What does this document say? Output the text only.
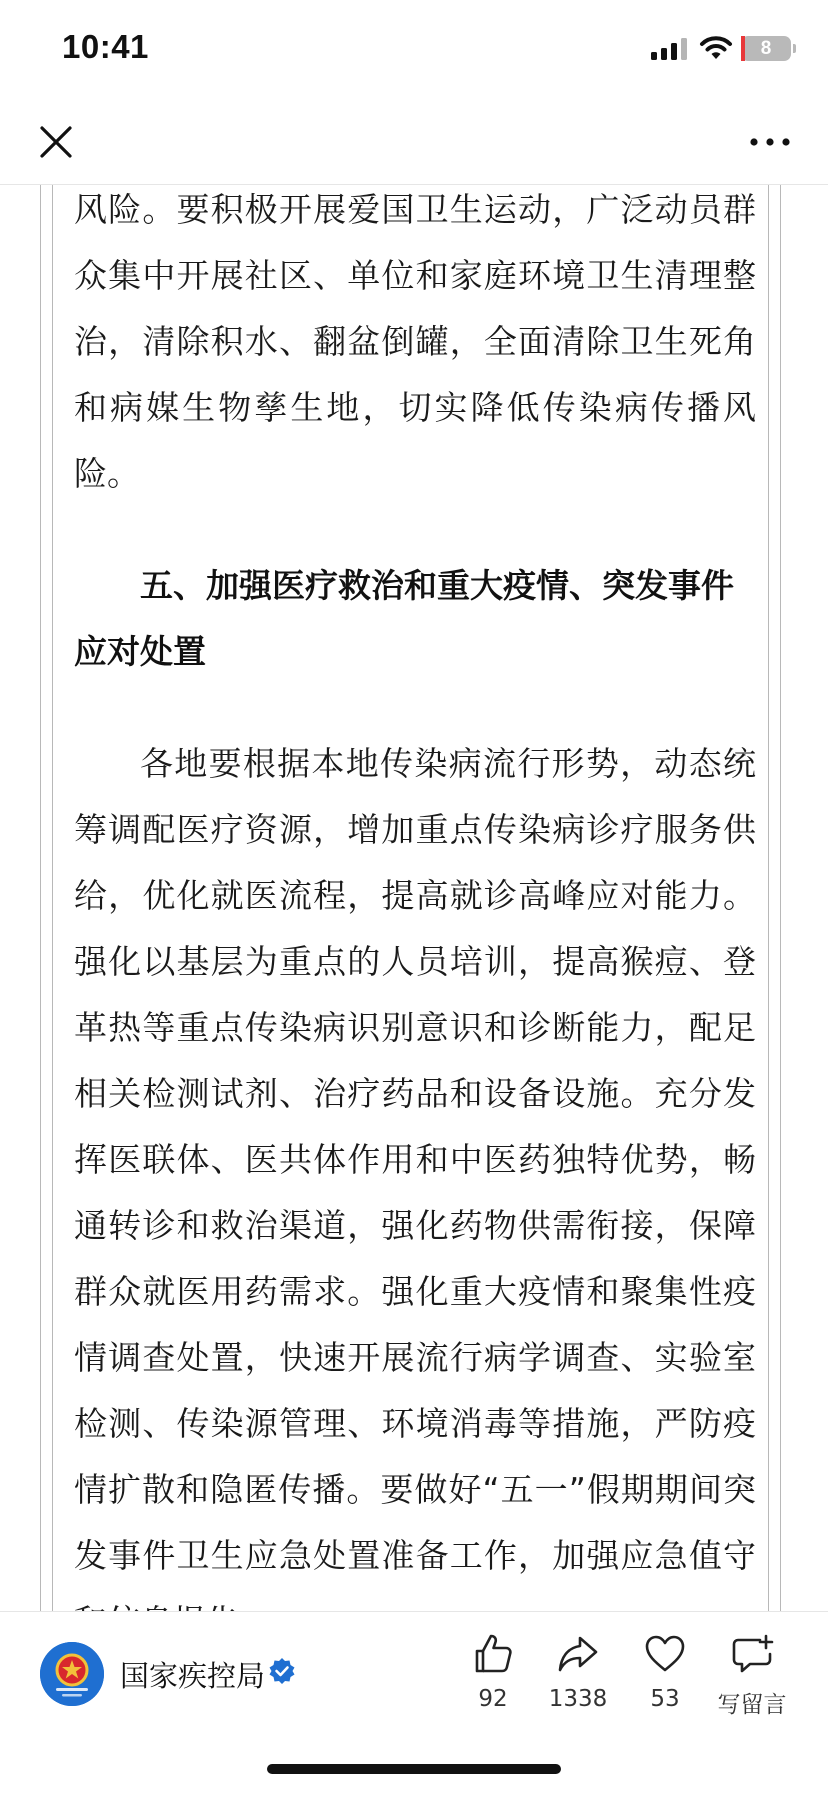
10:41	8

风险。要积极开展爱国卫生运动，广泛动员群众集中开展社区、单位和家庭环境卫生清理整治，清除积水、翻盆倒罐，全面清除卫生死角和病媒生物孳生地，切实降低传染病传播风险。

五、加强医疗救治和重大疫情、突发事件应对处置

各地要根据本地传染病流行形势，动态统筹调配医疗资源，增加重点传染病诊疗服务供给，优化就医流程，提高就诊高峰应对能力。强化以基层为重点的人员培训，提高猴痘、登革热等重点传染病识别意识和诊断能力，配足相关检测试剂、治疗药品和设备设施。充分发挥医联体、医共体作用和中医药独特优势，畅通转诊和救治渠道，强化药物供需衔接，保障群众就医用药需求。强化重大疫情和聚集性疫情调查处置，快速开展流行病学调查、实验室检测、传染源管理、环境消毒等措施，严防疫情扩散和隐匿传播。要做好“五一”假期期间突发事件卫生应急处置准备工作，加强应急值守

国家疾控局
92	1338	53	写留言
